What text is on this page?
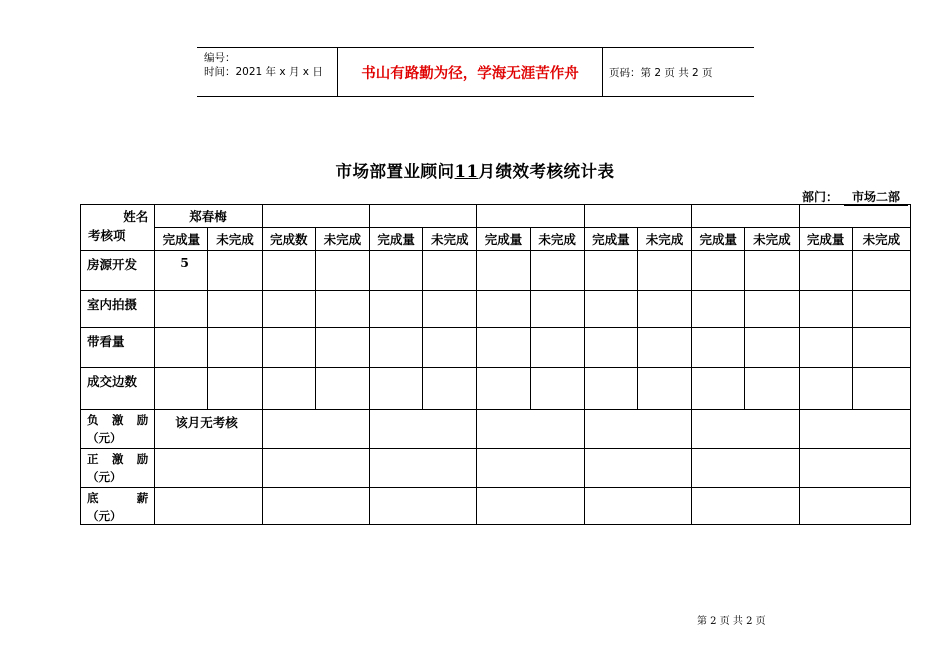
编号：
时间：2021 年 x 月 x 日	书山有路勤为径，学海无涯苦作舟	页码：第 2 页 共 2 页
市场部置业顾问11月绩效考核统计表
部门： 市场二部
姓名
考核项	郑春梅													
	完成量	未完成	完成数	未完成	完成量	未完成	完成量	未完成	完成量	未完成	完成量	未完成	完成量	未完成
房源开发	5													
室内拍摄														
带看量														
成交边数														

负 激 励
（元）	该月无考核													

正 激 励
（元）														

底 薪
（元）														

第 2 页 共 2 页
